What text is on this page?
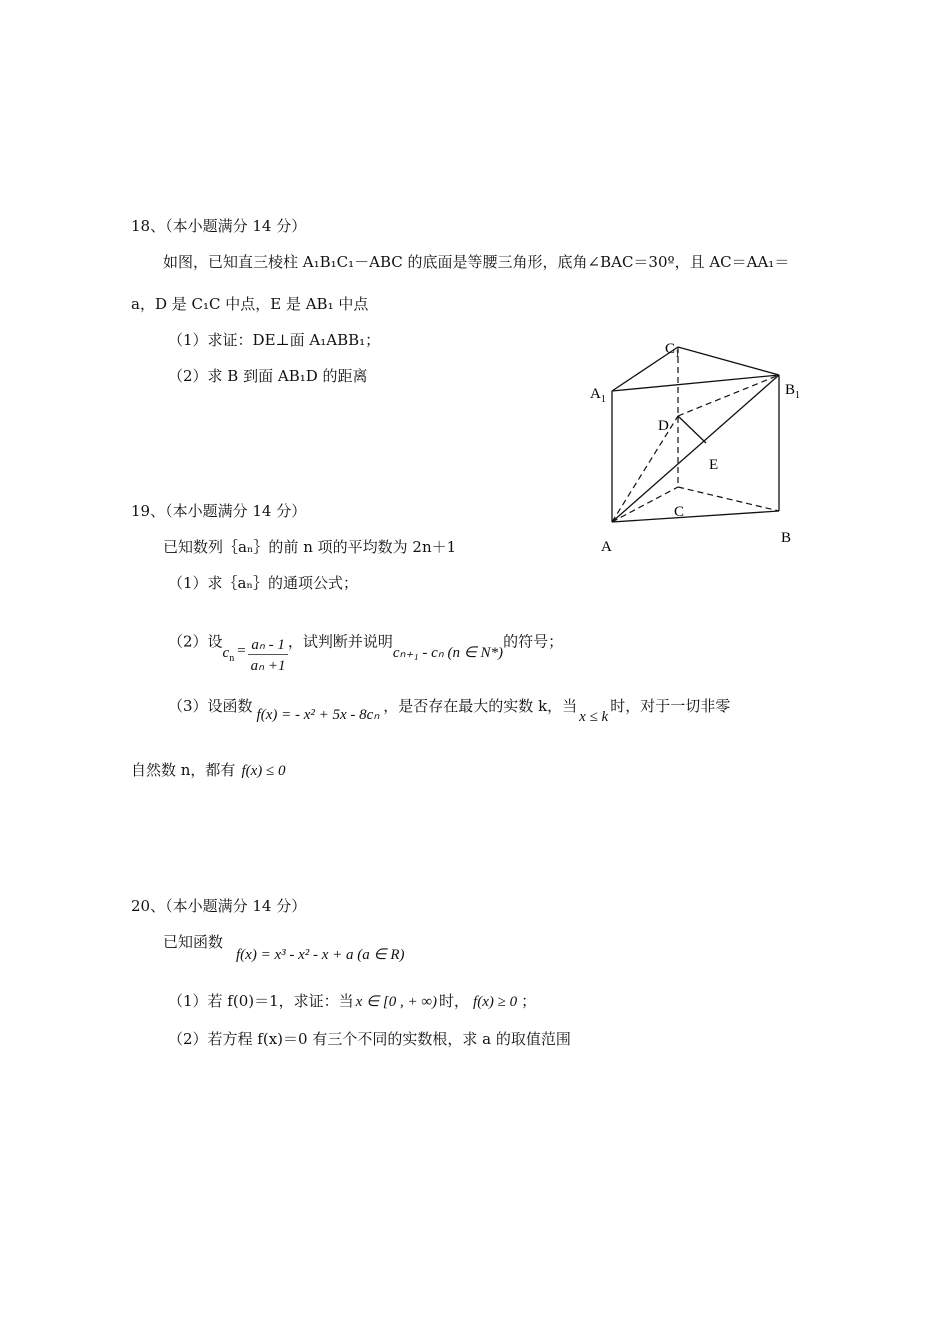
18、（本小题满分 14 分）
如图，已知直三棱柱 A₁B₁C₁－ABC 的底面是等腰三角形，底角∠BAC＝30º，且 AC＝AA₁＝
a，D 是 C₁C 中点，E 是 AB₁ 中点
（1）求证：DE⊥面 A₁ABB₁；
（2）求 B 到面 AB₁D 的距离
$C_1$
$A_1$
$B_1$
D
E
C
A
B
19、（本小题满分 14 分）
已知数列｛aₙ｝的前 n 项的平均数为 2n＋1
（1）求｛aₙ｝的通项公式；
（2）设$c_n = \frac{\text{aₙ - 1}}{\text{aₙ +1}}$ ，试判断并说明cₙ₊₁ - cₙ (n ∈ N*)的符号；
（3）设函数 f(x) = - x² + 5x - 8cₙ ，是否存在最大的实数 k，当x ≤ k时，对于一切非零
自然数 n，都有 f(x) ≤ 0
20、（本小题满分 14 分）
已知函数
f(x) = x³ - x² - x + a (a ∈ R)
（1）若 f(0)＝1，求证：当 x ∈ [0 , + ∞) 时， f(x) ≥ 0 ；
（2）若方程 f(x)＝0 有三个不同的实数根，求 a 的取值范围
